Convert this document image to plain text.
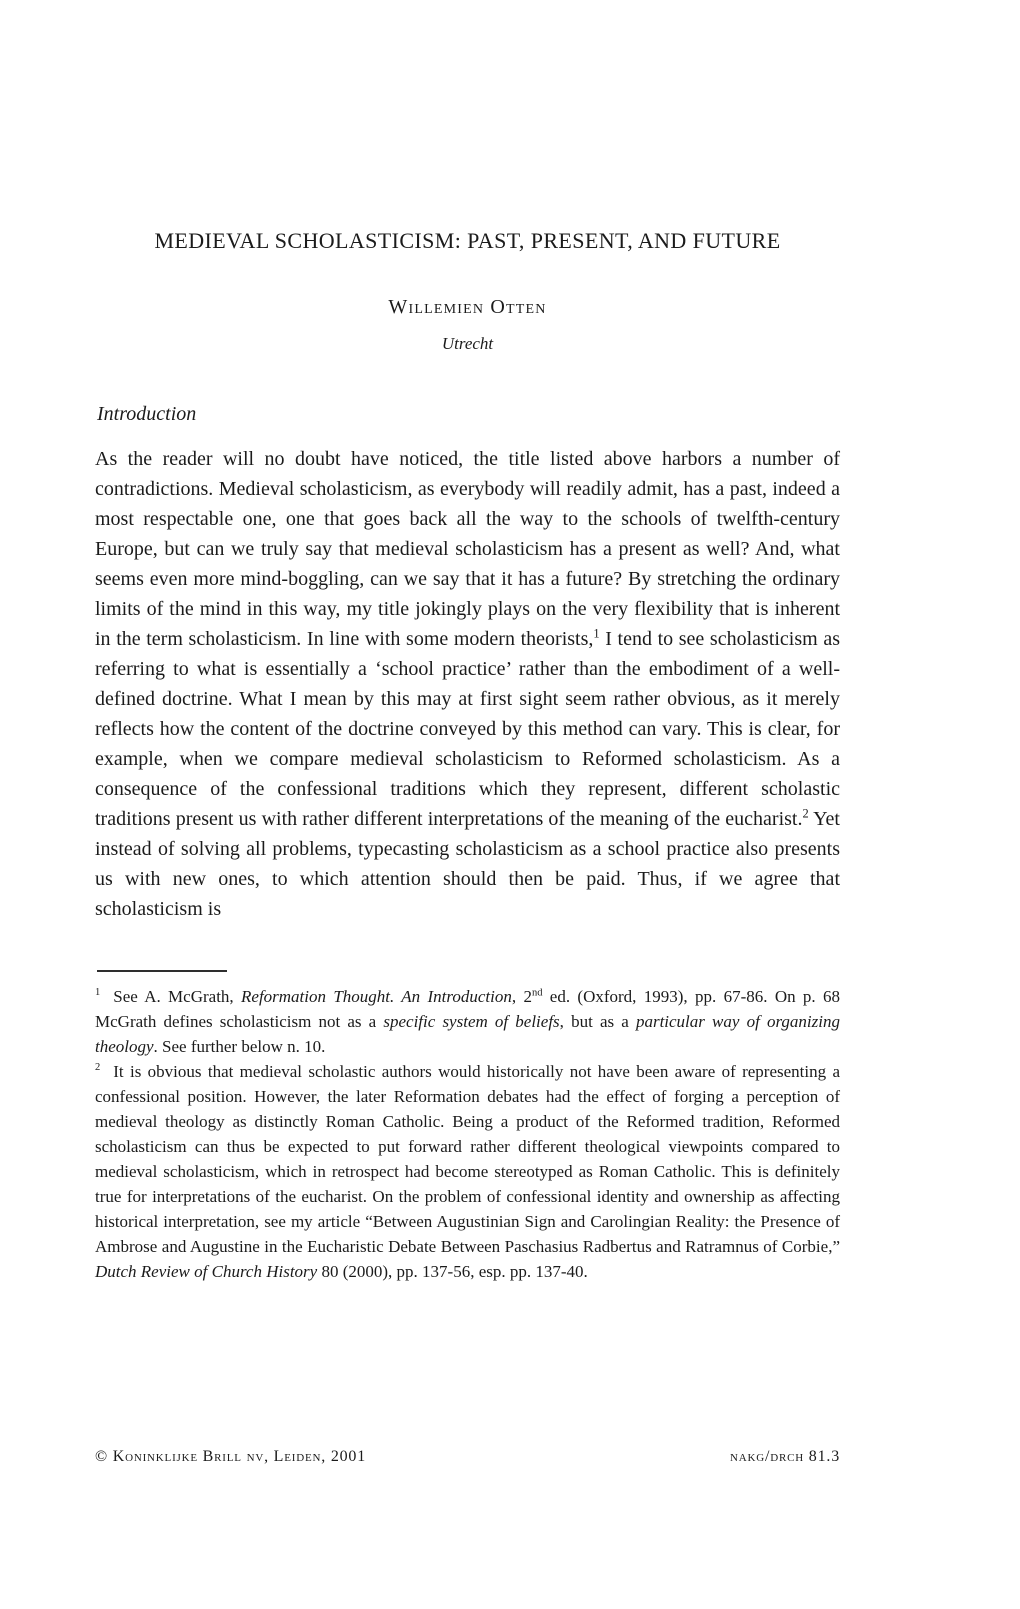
MEDIEVAL SCHOLASTICISM: PAST, PRESENT, AND FUTURE
Willemien Otten
Utrecht
Introduction

As the reader will no doubt have noticed, the title listed above harbors a number of contradictions. Medieval scholasticism, as everybody will readily admit, has a past, indeed a most respectable one, one that goes back all the way to the schools of twelfth-century Europe, but can we truly say that medieval scholasticism has a present as well? And, what seems even more mind-boggling, can we say that it has a future? By stretching the ordinary limits of the mind in this way, my title jokingly plays on the very flexibility that is inherent in the term scholasticism. In line with some modern theorists,$^1$ I tend to see scholasticism as referring to what is essentially a ‘school practice’ rather than the embodiment of a well-defined doctrine. What I mean by this may at first sight seem rather obvious, as it merely reflects how the content of the doctrine conveyed by this method can vary. This is clear, for example, when we compare medieval scholasticism to Reformed scholasticism. As a consequence of the confessional traditions which they represent, different scholastic traditions present us with rather different interpretations of the meaning of the eucharist.$^2$ Yet instead of solving all problems, typecasting scholasticism as a school practice also presents us with new ones, to which attention should then be paid. Thus, if we agree that scholasticism is

$^1$ See A. McGrath, Reformation Thought. An Introduction, 2nd ed. (Oxford, 1993), pp. 67-86. On p. 68 McGrath defines scholasticism not as a specific system of beliefs, but as a particular way of organizing theology. See further below n. 10.

$^2$ It is obvious that medieval scholastic authors would historically not have been aware of representing a confessional position. However, the later Reformation debates had the effect of forging a perception of medieval theology as distinctly Roman Catholic. Being a product of the Reformed tradition, Reformed scholasticism can thus be expected to put forward rather different theological viewpoints compared to medieval scholasticism, which in retrospect had become stereotyped as Roman Catholic. This is definitely true for interpretations of the eucharist. On the problem of confessional identity and ownership as affecting historical interpretation, see my article “Between Augustinian Sign and Carolingian Reality: the Presence of Ambrose and Augustine in the Eucharistic Debate Between Paschasius Radbertus and Ratramnus of Corbie,” Dutch Review of Church History 80 (2000), pp. 137-56, esp. pp. 137-40.

© Koninklijke Brill nv, Leiden, 2001	nakg/drch 81.3
